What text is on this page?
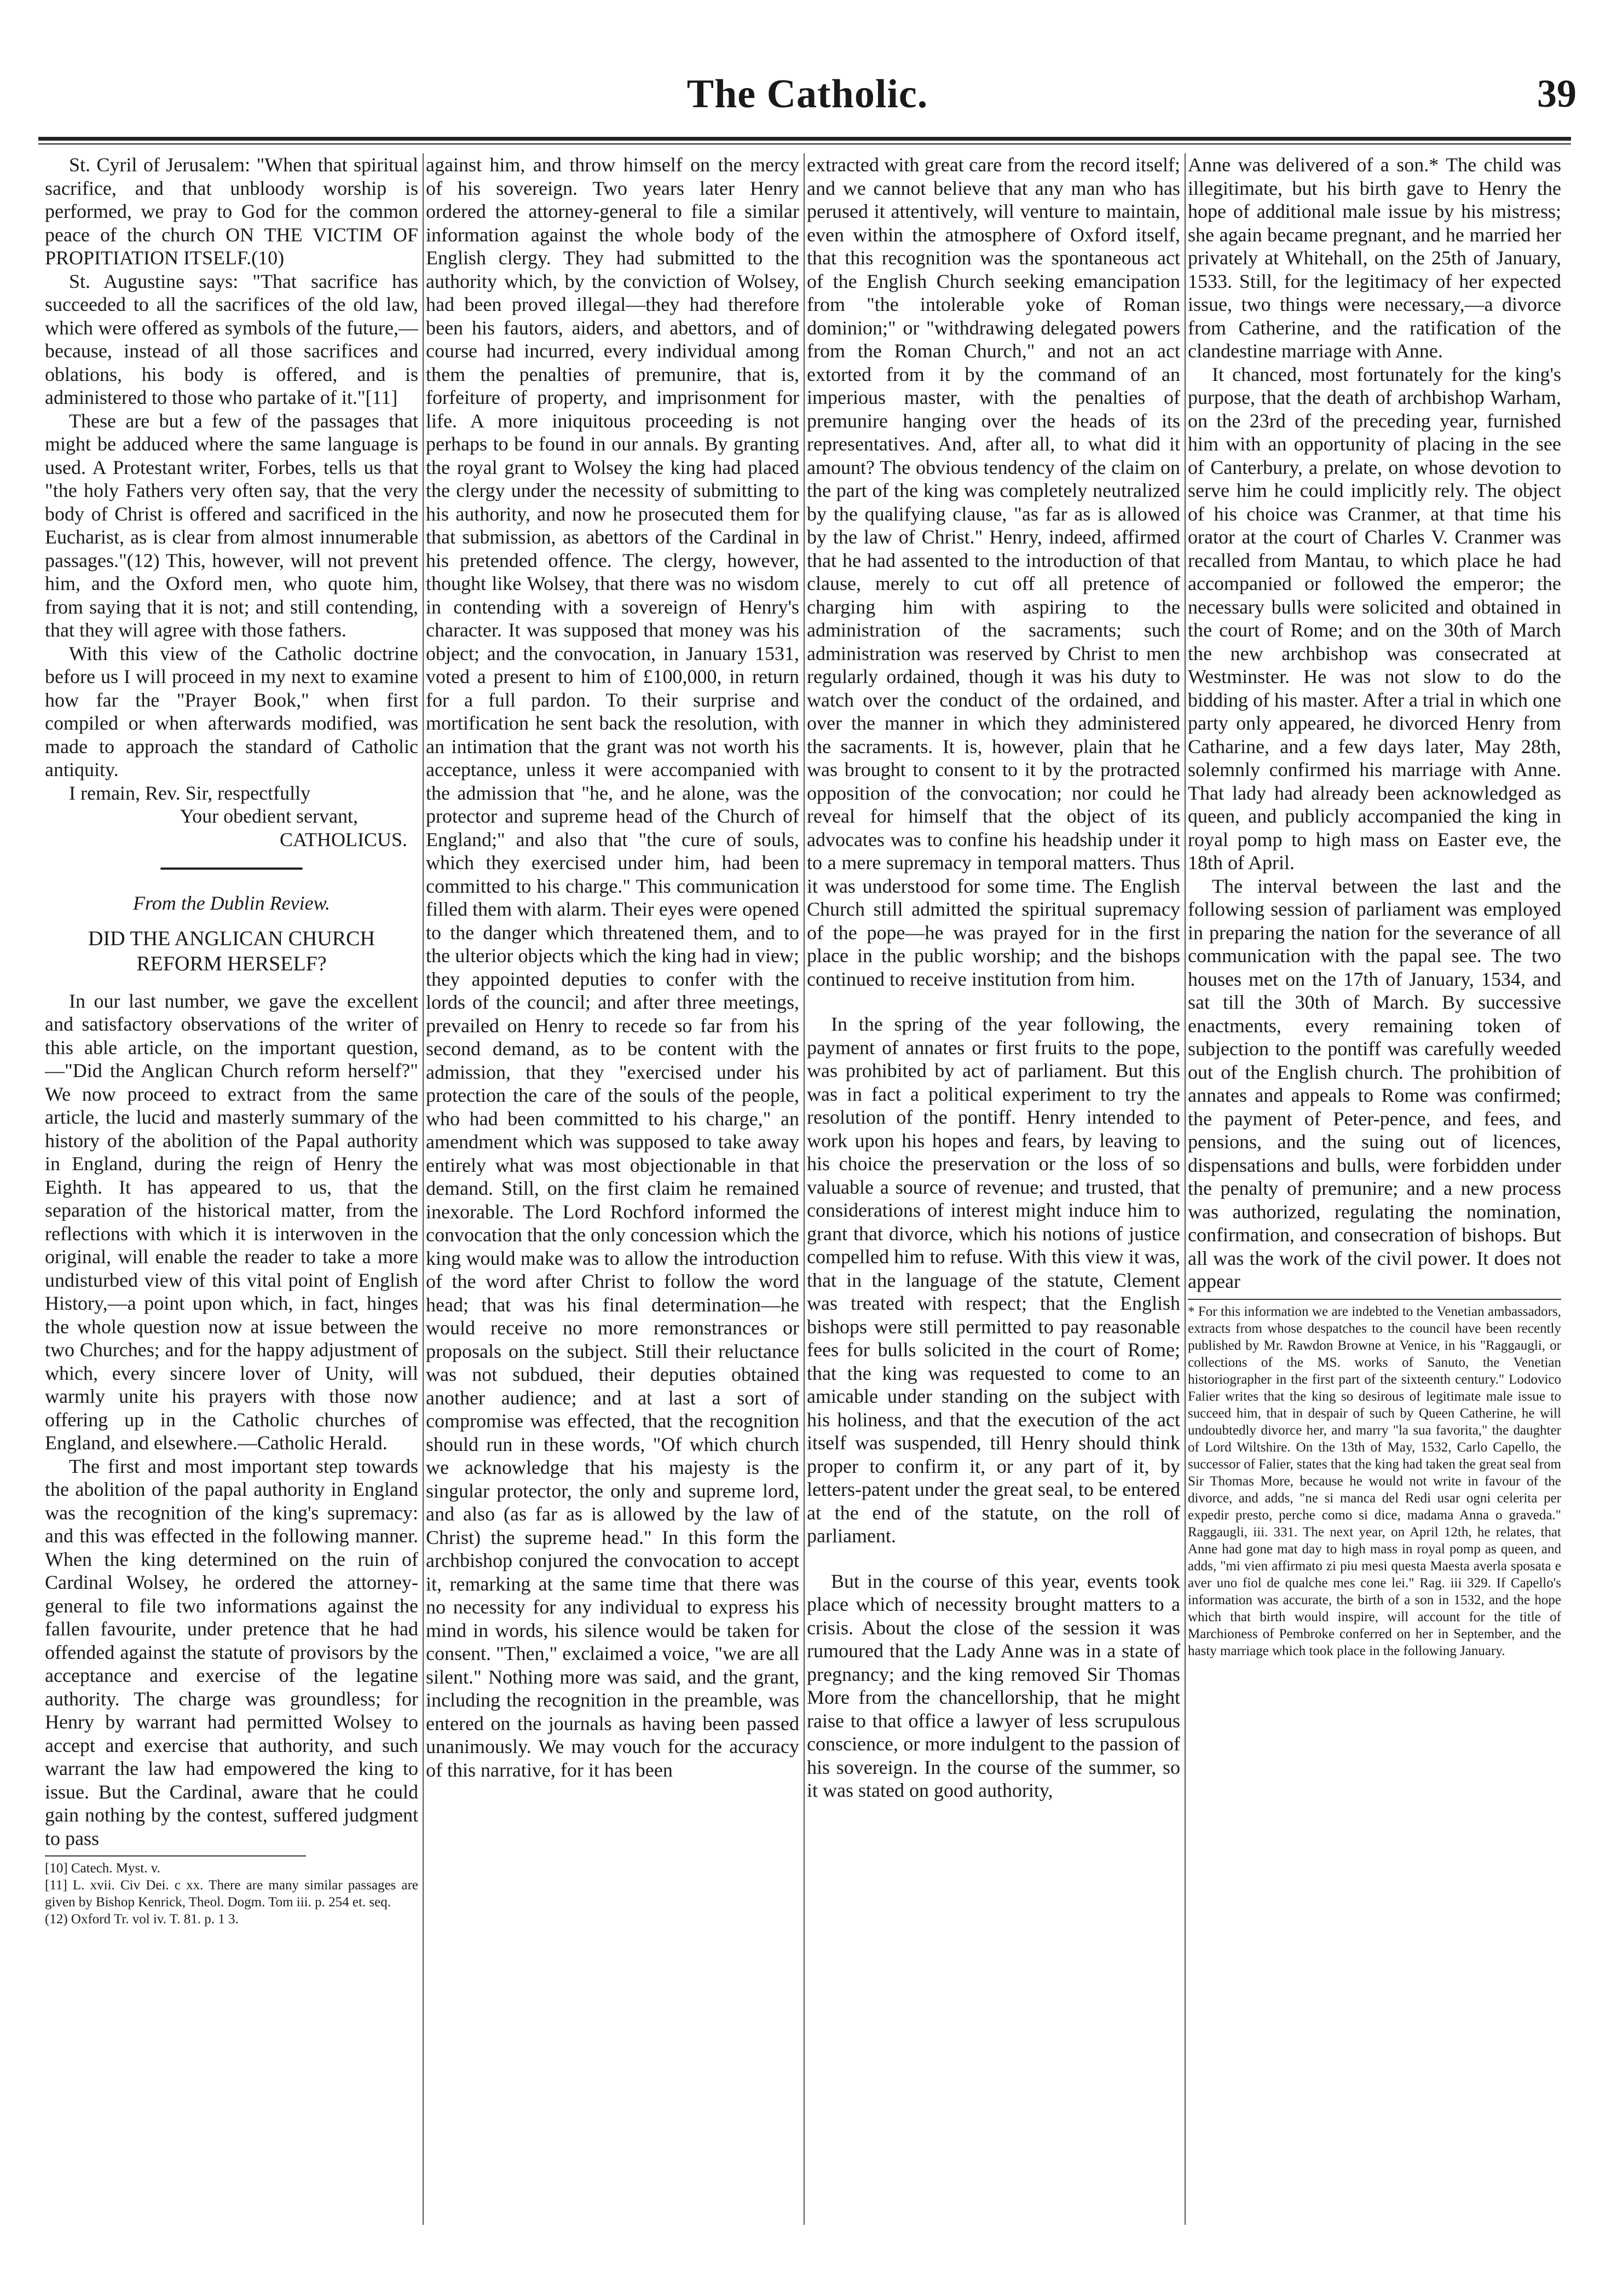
The Catholic.	39

St. Cyril of Jerusalem: "When that spiritual sacrifice, and that unbloody worship is performed, we pray to God for the common peace of the church ON THE VICTIM OF PROPITIATION ITSELF.(10)

St. Augustine says: "That sacrifice has succeeded to all the sacrifices of the old law, which were offered as symbols of the future,—because, instead of all those sacrifices and oblations, his body is offered, and is administered to those who partake of it."[11]

These are but a few of the passages that might be adduced where the same language is used. A Protestant writer, Forbes, tells us that "the holy Fathers very often say, that the very body of Christ is offered and sacrificed in the Eucharist, as is clear from almost innumerable passages."(12) This, however, will not prevent him, and the Oxford men, who quote him, from saying that it is not; and still contending, that they will agree with those fathers.

With this view of the Catholic doctrine before us I will proceed in my next to examine how far the "Prayer Book," when first compiled or when afterwards modified, was made to approach the standard of Catholic antiquity.

I remain, Rev. Sir, respectfully

Your obedient servant,

CATHOLICUS.

From the Dublin Review.

DID THE ANGLICAN CHURCH REFORM HERSELF?

In our last number, we gave the excellent and satisfactory observations of the writer of this able article, on the important question,—"Did the Anglican Church reform herself?" We now proceed to extract from the same article, the lucid and masterly summary of the history of the abolition of the Papal authority in England, during the reign of Henry the Eighth. It has appeared to us, that the separation of the historical matter, from the reflections with which it is interwoven in the original, will enable the reader to take a more undisturbed view of this vital point of English History,—a point upon which, in fact, hinges the whole question now at issue between the two Churches; and for the happy adjustment of which, every sincere lover of Unity, will warmly unite his prayers with those now offering up in the Catholic churches of England, and elsewhere.—Catholic Herald.

The first and most important step towards the abolition of the papal authority in England was the recognition of the king's supremacy: and this was effected in the following manner. When the king determined on the ruin of Cardinal Wolsey, he ordered the attorney-general to file two informations against the fallen favourite, under pretence that he had offended against the statute of provisors by the acceptance and exercise of the legatine authority. The charge was groundless; for Henry by warrant had permitted Wolsey to accept and exercise that authority, and such warrant the law had empowered the king to issue. But the Cardinal, aware that he could gain nothing by the contest, suffered judgment to pass

[10] Catech. Myst. v.

[11] L. xvii. Civ Dei. c xx. There are many similar passages are given by Bishop Kenrick, Theol. Dogm. Tom iii. p. 254 et. seq.

(12) Oxford Tr. vol iv. T. 81. p. 1 3.

against him, and throw himself on the mercy of his sovereign. Two years later Henry ordered the attorney-general to file a similar information against the whole body of the English clergy. They had submitted to the authority which, by the conviction of Wolsey, had been proved illegal—they had therefore been his fautors, aiders, and abettors, and of course had incurred, every individual among them the penalties of premunire, that is, forfeiture of property, and imprisonment for life. A more iniquitous proceeding is not perhaps to be found in our annals. By granting the royal grant to Wolsey the king had placed the clergy under the necessity of submitting to his authority, and now he prosecuted them for that submission, as abettors of the Cardinal in his pretended offence. The clergy, however, thought like Wolsey, that there was no wisdom in contending with a sovereign of Henry's character. It was supposed that money was his object; and the convocation, in January 1531, voted a present to him of £100,000, in return for a full pardon. To their surprise and mortification he sent back the resolution, with an intimation that the grant was not worth his acceptance, unless it were accompanied with the admission that "he, and he alone, was the protector and supreme head of the Church of England;" and also that "the cure of souls, which they exercised under him, had been committed to his charge." This communication filled them with alarm. Their eyes were opened to the danger which threatened them, and to the ulterior objects which the king had in view; they appointed deputies to confer with the lords of the council; and after three meetings, prevailed on Henry to recede so far from his second demand, as to be content with the admission, that they "exercised under his protection the care of the souls of the people, who had been committed to his charge," an amendment which was supposed to take away entirely what was most objectionable in that demand. Still, on the first claim he remained inexorable. The Lord Rochford informed the convocation that the only concession which the king would make was to allow the introduction of the word after Christ to follow the word head; that was his final determination—he would receive no more remonstrances or proposals on the subject. Still their reluctance was not subdued, their deputies obtained another audience; and at last a sort of compromise was effected, that the recognition should run in these words, "Of which church we acknowledge that his majesty is the singular protector, the only and supreme lord, and also (as far as is allowed by the law of Christ) the supreme head." In this form the archbishop conjured the convocation to accept it, remarking at the same time that there was no necessity for any individual to express his mind in words, his silence would be taken for consent. "Then," exclaimed a voice, "we are all silent." Nothing more was said, and the grant, including the recognition in the preamble, was entered on the journals as having been passed unanimously. We may vouch for the accuracy of this narrative, for it has been

extracted with great care from the record itself; and we cannot believe that any man who has perused it attentively, will venture to maintain, even within the atmosphere of Oxford itself, that this recognition was the spontaneous act of the English Church seeking emancipation from "the intolerable yoke of Roman dominion;" or "withdrawing delegated powers from the Roman Church," and not an act extorted from it by the command of an imperious master, with the penalties of premunire hanging over the heads of its representatives. And, after all, to what did it amount? The obvious tendency of the claim on the part of the king was completely neutralized by the qualifying clause, "as far as is allowed by the law of Christ." Henry, indeed, affirmed that he had assented to the introduction of that clause, merely to cut off all pretence of charging him with aspiring to the administration of the sacraments; such administration was reserved by Christ to men regularly ordained, though it was his duty to watch over the conduct of the ordained, and over the manner in which they administered the sacraments. It is, however, plain that he was brought to consent to it by the protracted opposition of the convocation; nor could he reveal for himself that the object of its advocates was to confine his headship under it to a mere supremacy in temporal matters. Thus it was understood for some time. The English Church still admitted the spiritual supremacy of the pope—he was prayed for in the first place in the public worship; and the bishops continued to receive institution from him.

In the spring of the year following, the payment of annates or first fruits to the pope, was prohibited by act of parliament. But this was in fact a political experiment to try the resolution of the pontiff. Henry intended to work upon his hopes and fears, by leaving to his choice the preservation or the loss of so valuable a source of revenue; and trusted, that considerations of interest might induce him to grant that divorce, which his notions of justice compelled him to refuse. With this view it was, that in the language of the statute, Clement was treated with respect; that the English bishops were still permitted to pay reasonable fees for bulls solicited in the court of Rome; that the king was requested to come to an amicable under standing on the subject with his holiness, and that the execution of the act itself was suspended, till Henry should think proper to confirm it, or any part of it, by letters-patent under the great seal, to be entered at the end of the statute, on the roll of parliament.

But in the course of this year, events took place which of necessity brought matters to a crisis. About the close of the session it was rumoured that the Lady Anne was in a state of pregnancy; and the king removed Sir Thomas More from the chancellorship, that he might raise to that office a lawyer of less scrupulous conscience, or more indulgent to the passion of his sovereign. In the course of the summer, so it was stated on good authority,

Anne was delivered of a son.* The child was illegitimate, but his birth gave to Henry the hope of additional male issue by his mistress; she again became pregnant, and he married her privately at Whitehall, on the 25th of January, 1533. Still, for the legitimacy of her expected issue, two things were necessary,—a divorce from Catherine, and the ratification of the clandestine marriage with Anne.

It chanced, most fortunately for the king's purpose, that the death of archbishop Warham, on the 23rd of the preceding year, furnished him with an opportunity of placing in the see of Canterbury, a prelate, on whose devotion to serve him he could implicitly rely. The object of his choice was Cranmer, at that time his orator at the court of Charles V. Cranmer was recalled from Mantau, to which place he had accompanied or followed the emperor; the necessary bulls were solicited and obtained in the court of Rome; and on the 30th of March the new archbishop was consecrated at Westminster. He was not slow to do the bidding of his master. After a trial in which one party only appeared, he divorced Henry from Catharine, and a few days later, May 28th, solemnly confirmed his marriage with Anne. That lady had already been acknowledged as queen, and publicly accompanied the king in royal pomp to high mass on Easter eve, the 18th of April.

The interval between the last and the following session of parliament was employed in preparing the nation for the severance of all communication with the papal see. The two houses met on the 17th of January, 1534, and sat till the 30th of March. By successive enactments, every remaining token of subjection to the pontiff was carefully weeded out of the English church. The prohibition of annates and appeals to Rome was confirmed; the payment of Peter-pence, and fees, and pensions, and the suing out of licences, dispensations and bulls, were forbidden under the penalty of premunire; and a new process was authorized, regulating the nomination, confirmation, and consecration of bishops. But all was the work of the civil power. It does not appear

* For this information we are indebted to the Venetian ambassadors, extracts from whose despatches to the council have been recently published by Mr. Rawdon Browne at Venice, in his "Raggaugli, or collections of the MS. works of Sanuto, the Venetian historiographer in the first part of the sixteenth century." Lodovico Falier writes that the king so desirous of legitimate male issue to succeed him, that in despair of such by Queen Catherine, he will undoubtedly divorce her, and marry "la sua favorita," the daughter of Lord Wiltshire. On the 13th of May, 1532, Carlo Capello, the successor of Falier, states that the king had taken the great seal from Sir Thomas More, because he would not write in favour of the divorce, and adds, "ne si manca del Redi usar ogni celerita per expedir presto, perche como si dice, madama Anna o graveda." Raggaugli, iii. 331. The next year, on April 12th, he relates, that Anne had gone mat day to high mass in royal pomp as queen, and adds, "mi vien affirmato zi piu mesi questa Maesta averla sposata e aver uno fiol de qualche mes cone lei." Rag. iii 329. If Capello's information was accurate, the birth of a son in 1532, and the hope which that birth would inspire, will account for the title of Marchioness of Pembroke conferred on her in September, and the hasty marriage which took place in the following January.
